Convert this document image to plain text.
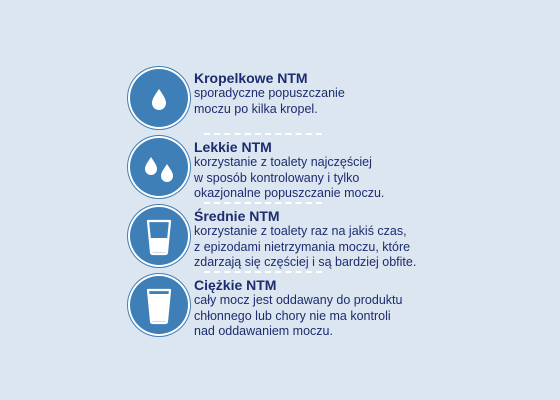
Kropelkowe NTM
sporadyczne popuszczanie
moczu po kilka kropel.
Lekkie NTM
korzystanie z toalety najczęściej
w sposób kontrolowany i tylko
okazjonalne popuszczanie moczu.
Średnie NTM
korzystanie z toalety raz na jakiś czas,
z epizodami nietrzymania moczu, które
zdarzają się częściej i są bardziej obfite.
Ciężkie NTM
cały mocz jest oddawany do produktu
chłonnego lub chory nie ma kontroli
nad oddawaniem moczu.
